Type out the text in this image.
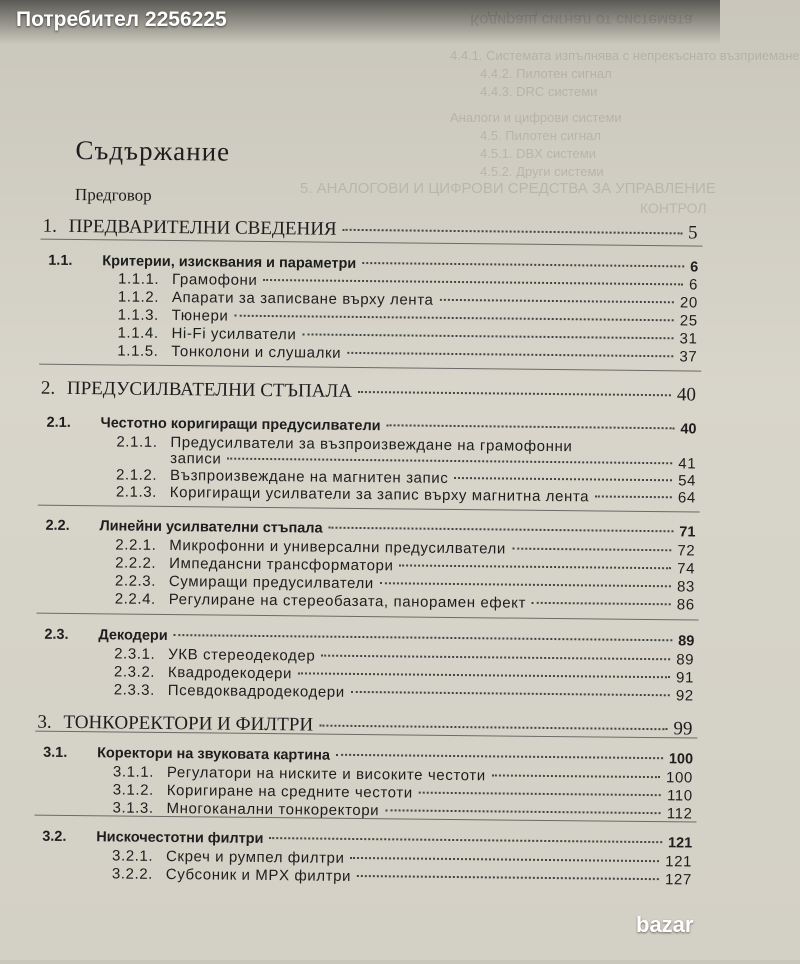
4.4.1. Системата изпълнява с непрекъснато възприемане
4.4.2. Пилотен сигнал
4.4.3. DRC системи
Аналоги и цифрови системи
4.5. Пилотен сигнал
4.5.1. DBX системи
4.5.2. Други системи
5. АНАЛОГОВИ И ЦИФРОВИ СРЕДСТВА ЗА УПРАВЛЕНИЕ
КОНТРОЛ
Съдържание
Предговор
1. ПРЕДВАРИТЕЛНИ СВЕДЕНИЯ	5
1.1.	Критерии, изисквания и параметри	6
1.1.1. Грамофони	6
1.1.2. Апарати за записване върху лента	20
1.1.3. Тюнери	25
1.1.4. Hi-Fi усилватели	31
1.1.5. Тонколони и слушалки	37
2. ПРЕДУСИЛВАТЕЛНИ СТЪПАЛА	40
2.1.	Честотно коригиращи предусилватели	40
2.1.1. Предусилватели за възпроизвеждане на грамофонни
записи	41
2.1.2. Възпроизвеждане на магнитен запис	54
2.1.3. Коригиращи усилватели за запис върху магнитна лента	64
2.2.	Линейни усилвателни стъпала	71
2.2.1. Микрофонни и универсални предусилватели	72
2.2.2. Импедансни трансформатори	74
2.2.3. Сумиращи предусилватели	83
2.2.4. Регулиране на стереобазата, панорамен ефект	86
2.3.	Декодери	89
2.3.1. УКВ стереодекодер	89
2.3.2. Квадродекодери	91
2.3.3. Псевдоквадродекодери	92
3. ТОНКОРЕКТОРИ И ФИЛТРИ	99
3.1.	Коректори на звуковата картина	100
3.1.1. Регулатори на ниските и високите честоти	100
3.1.2. Коригиране на средните честоти	110
3.1.3. Многоканални тонкоректори	112
3.2.	Нискочестотни филтри	121
3.2.1. Скреч и румпел филтри	121
3.2.2. Субсоник и MPX филтри	127
Потребител 2256225
bazar
